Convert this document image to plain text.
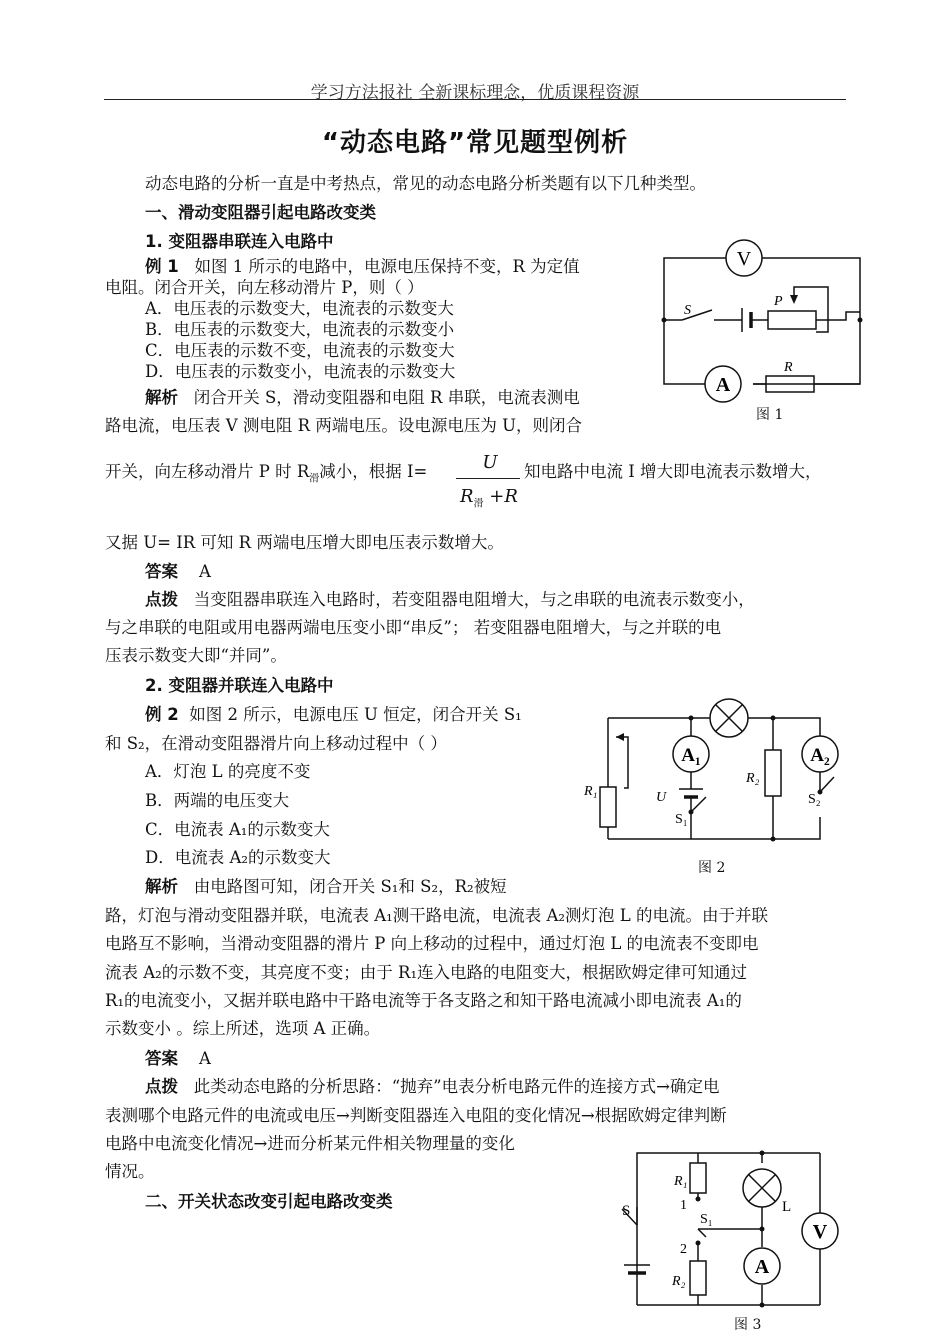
学习方法报社 全新课标理念，优质课程资源
“动态电路”常见题型例析
动态电路的分析一直是中考热点，常见的动态电路分析类题有以下几种类型。
一、滑动变阻器引起电路改变类
1. 变阻器串联连入电路中
例 1 如图 1 所示的电路中，电源电压保持不变，R 为定值
电阻。闭合开关，向左移动滑片 P，则（ ）
A．电压表的示数变大，电流表的示数变大
B．电压表的示数变大，电流表的示数变小
C．电压表的示数不变，电流表的示数变大
D．电压表的示数变小，电流表的示数变大
解析 闭合开关 S，滑动变阻器和电阻 R 串联，电流表测电
路电流，电压表 V 测电阻 R 两端电压。设电源电压为 U，则闭合
开关，向左移动滑片 P 时 $R_滑$减小，根据 I=	U
$R_滑 +R$
知电路中电流 I 增大即电流表示数增大，
又据 U= IR 可知 R 两端电压增大即电压表示数增大。
答案 A
点拨 当变阻器串联连入电路时，若变阻器电阻增大，与之串联的电流表示数变小，
与之串联的电阻或用电器两端电压变小即“串反”； 若变阻器电阻增大，与之并联的电
压表示数变大即“并同”。
V
A
S
P
R
图 1
2. 变阻器并联连入电路中
例 2 如图 2 所示，电源电压 U 恒定，闭合开关 S₁
和 S₂，在滑动变阻器滑片向上移动过程中（ ）
A．灯泡 L 的亮度不变
B．两端的电压变大
C．电流表 A₁的示数变大
D．电流表 A₂的示数变大
解析 由电路图可知，闭合开关 S₁和 S₂，R₂被短
路，灯泡与滑动变阻器并联，电流表 A₁测干路电流，电流表 A₂测灯泡 L 的电流。由于并联
电路互不影响，当滑动变阻器的滑片 P 向上移动的过程中，通过灯泡 L 的电流表不变即电
流表 A₂的示数不变，其亮度不变；由于 R₁连入电路的电阻变大，根据欧姆定律可知通过
R₁的电流变小，又据并联电路中干路电流等于各支路之和知干路电流减小即电流表 A₁的
示数变小 。综上所述，选项 A 正确。
答案 A
点拨 此类动态电路的分析思路：“抛弃”电表分析电路元件的连接方式→确定电
表测哪个电路元件的电流或电压→判断变阻器连入电阻的变化情况→根据欧姆定律判断
电路中电流变化情况→进而分析某元件相关物理量的变化
情况。
A₁	A₂
R₁
R₂
U
S₁
S₂
图 2
二、开关状态改变引起电路改变类
R₁
R₂
S
S₁
1
2
L
V
A
图 3
